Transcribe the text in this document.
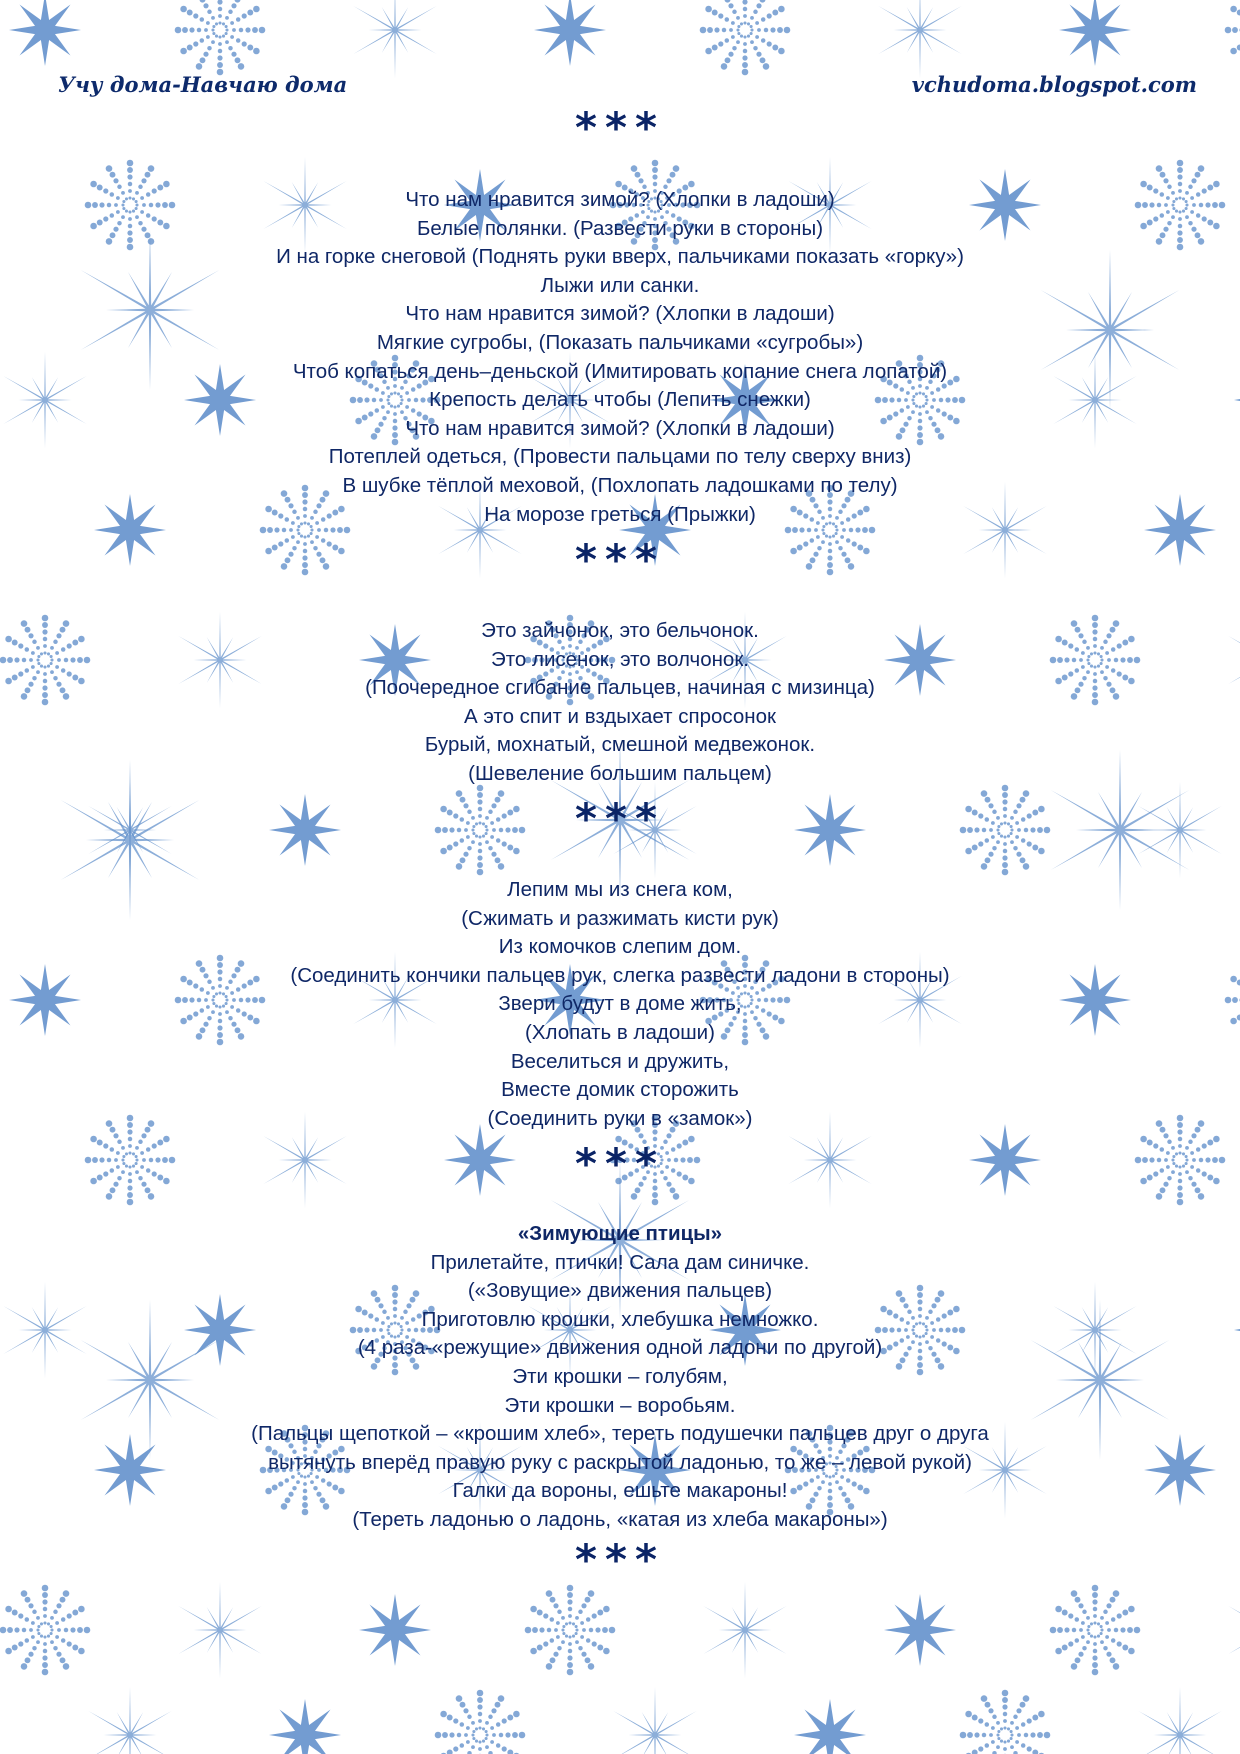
Учу дома-Навчаю дома	vchudoma.blogspot.com
***
Что нам нравится зимой? (Хлопки в ладоши)
Белые полянки. (Развести руки в стороны)
И на горке снеговой (Поднять руки вверх, пальчиками показать «горку»)
Лыжи или санки.
Что нам нравится зимой? (Хлопки в ладоши)
Мягкие сугробы, (Показать пальчиками «сугробы»)
Чтоб копаться день–деньской (Имитировать копание снега лопатой)
Крепость делать чтобы (Лепить снежки)
Что нам нравится зимой? (Хлопки в ладоши)
Потеплей одеться, (Провести пальцами по телу сверху вниз)
В шубке тёплой меховой, (Похлопать ладошками по телу)
На морозе греться (Прыжки)
***
Это зайчонок, это бельчонок.
Это лисенок, это волчонок.
(Поочередное сгибание пальцев, начиная с мизинца)
А это спит и вздыхает спросонок
Бурый, мохнатый, смешной медвежонок.
(Шевеление большим пальцем)
***
Лепим мы из снега ком,
(Сжимать и разжимать кисти рук)
Из комочков слепим дом.
(Соединить кончики пальцев рук, слегка развести ладони в стороны)
Звери будут в доме жить,
(Хлопать в ладоши)
Веселиться и дружить,
Вместе домик сторожить
(Соединить руки в «замок»)
***
«Зимующие птицы»
Прилетайте, птички! Сала дам синичке.
(«Зовущие» движения пальцев)
Приготовлю крошки, хлебушка немножко.
(4 раза-«режущие» движения одной ладони по другой)
Эти крошки – голубям,
Эти крошки – воробьям.
(Пальцы щепоткой – «крошим хлеб», тереть подушечки пальцев друг о друга
вытянуть вперёд правую руку с раскрытой ладонью, то же – левой рукой)
Галки да вороны, ешьте макароны!
(Тереть ладонью о ладонь, «катая из хлеба макароны»)
***
